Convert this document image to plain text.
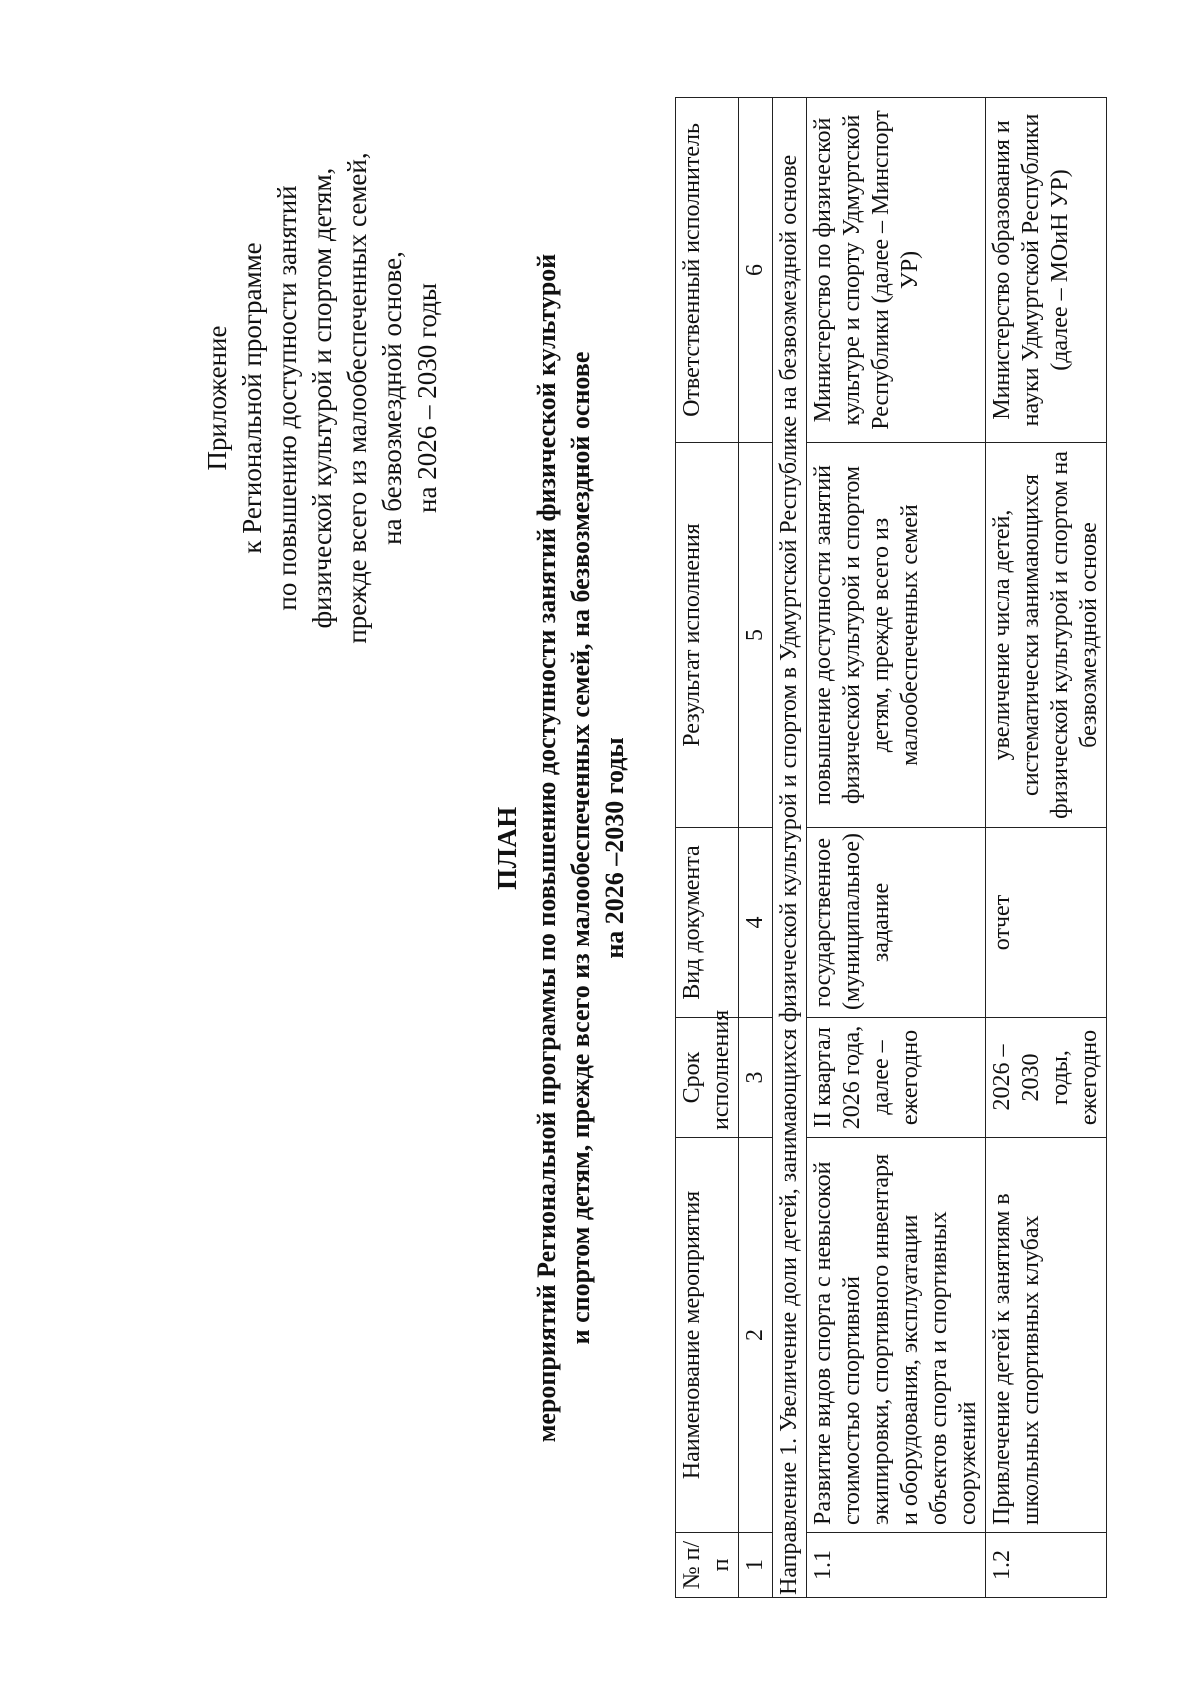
Приложение к Региональной программе по повышению доступности занятий физической культурой и спортом детям, прежде всего из малообеспеченных семей, на безвозмездной основе, на 2026 – 2030 годы
ПЛАН мероприятий Региональной программы по повышению доступности занятий физической культурой и спортом детям, прежде всего из малообеспеченных семей, на безвозмездной основе на 2026 –2030 годы
№ п/п	Наименование мероприятия	Срок исполнения	Вид документа	Результат исполнения	Ответственный исполнитель
1	2	3	4	5	6
Направление 1. Увеличение доли детей, занимающихся физической культурой и спортом в Удмуртской Республике на безвозмездной основе					
1.1	Развитие видов спорта с невысокой стоимостью спортивной экипировки, спортивного инвентаря и оборудования, эксплуатации объектов спорта и спортивных сооружений	II квартал 2026 года, далее – ежегодно	государственное (муниципальное) задание	повышение доступности занятий физической культурой и спортом детям, прежде всего из малообеспеченных семей	Министерство по физической культуре и спорту Удмуртской Республики (далее – Минспорт УР)
1.2	Привлечение детей к занятиям в школьных спортивных клубах	2026 – 2030 годы, ежегодно	отчет	увеличение числа детей, систематически занимающихся физической культурой и спортом на безвозмездной основе	Министерство образования и науки Удмуртской Республики (далее – МОиН УР)
